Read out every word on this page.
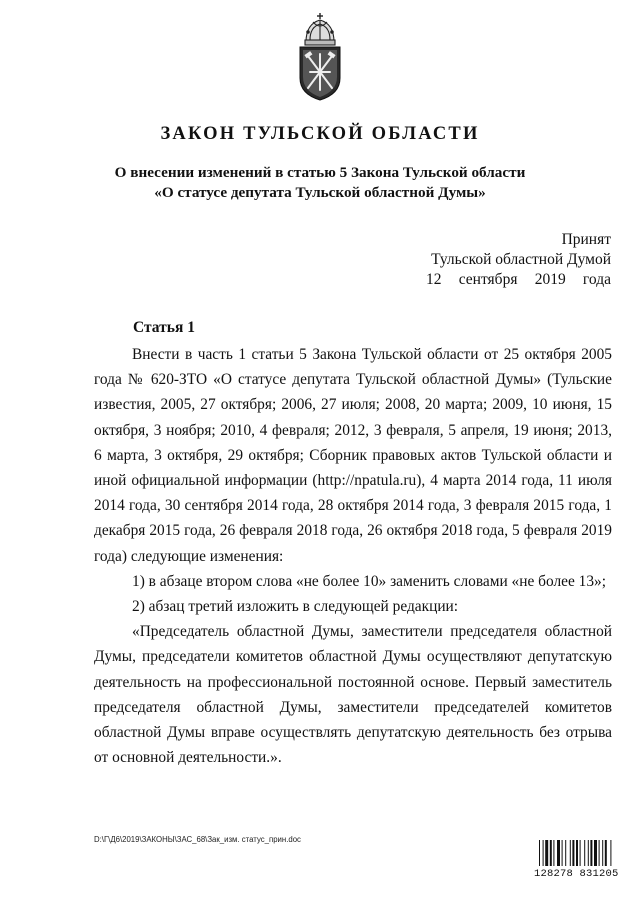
ЗАКОН ТУЛЬСКОЙ ОБЛАСТИ
О внесении изменений в статью 5 Закона Тульской области
«О статусе депутата Тульской областной Думы»
Принят
Тульской областной Думой
12 сентября 2019 года
Статья 1

Внести в часть 1 статьи 5 Закона Тульской области от 25 октября 2005 года № 620-ЗТО «О статусе депутата Тульской областной Думы» (Тульские известия, 2005, 27 октября; 2006, 27 июля; 2008, 20 марта; 2009, 10 июня, 15 октября, 3 ноября; 2010, 4 февраля; 2012, 3 февраля, 5 апреля, 19 июня; 2013, 6 марта, 3 октября, 29 октября; Сборник правовых актов Тульской области и иной официальной информации (http://npatula.ru), 4 марта 2014 года, 11 июля 2014 года, 30 сентября 2014 года, 28 октября 2014 года, 3 февраля 2015 года, 1 декабря 2015 года, 26 февраля 2018 года, 26 октября 2018 года, 5 февраля 2019 года) следующие изменения:

1) в абзаце втором слова «не более 10» заменить словами «не более 13»;

2) абзац третий изложить в следующей редакции:

«Председатель областной Думы, заместители председателя областной Думы, председатели комитетов областной Думы осуществляют депутатскую деятельность на профессиональной постоянной основе. Первый заместитель председателя областной Думы, заместители председателей комитетов областной Думы вправе осуществлять депутатскую деятельность без отрыва от основной деятельности.».

D:\Г\Д6\2019\ЗАКОНЫ\ЗАС_68\Зак_изм. статус_прин.doc
128278 831205
